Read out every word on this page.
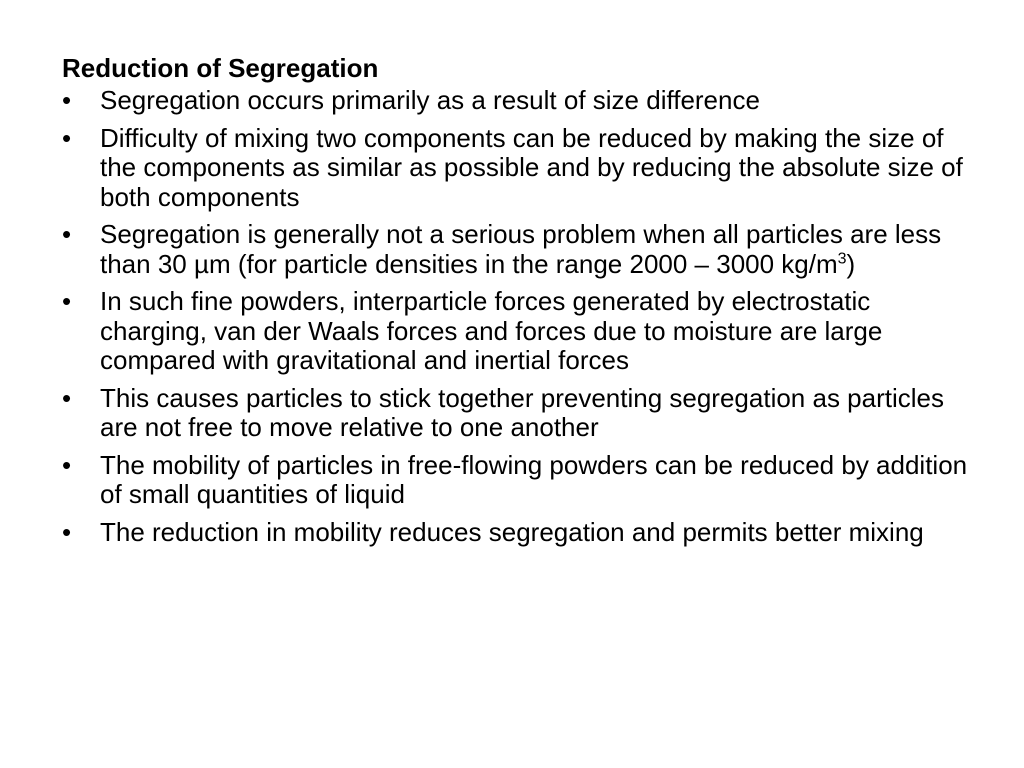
Reduction of Segregation
• Segregation occurs primarily as a result of size difference
• Difficulty of mixing two components can be reduced by making the size of the components as similar as possible and by reducing the absolute size of both components
• Segregation is generally not a serious problem when all particles are less than 30 µm (for particle densities in the range 2000 – 3000 $kg/m^3$)
• In such fine powders, interparticle forces generated by electrostatic charging, van der Waals forces and forces due to moisture are large compared with gravitational and inertial forces
• This causes particles to stick together preventing segregation as particles are not free to move relative to one another
• The mobility of particles in free-flowing powders can be reduced by addition of small quantities of liquid
• The reduction in mobility reduces segregation and permits better mixing
